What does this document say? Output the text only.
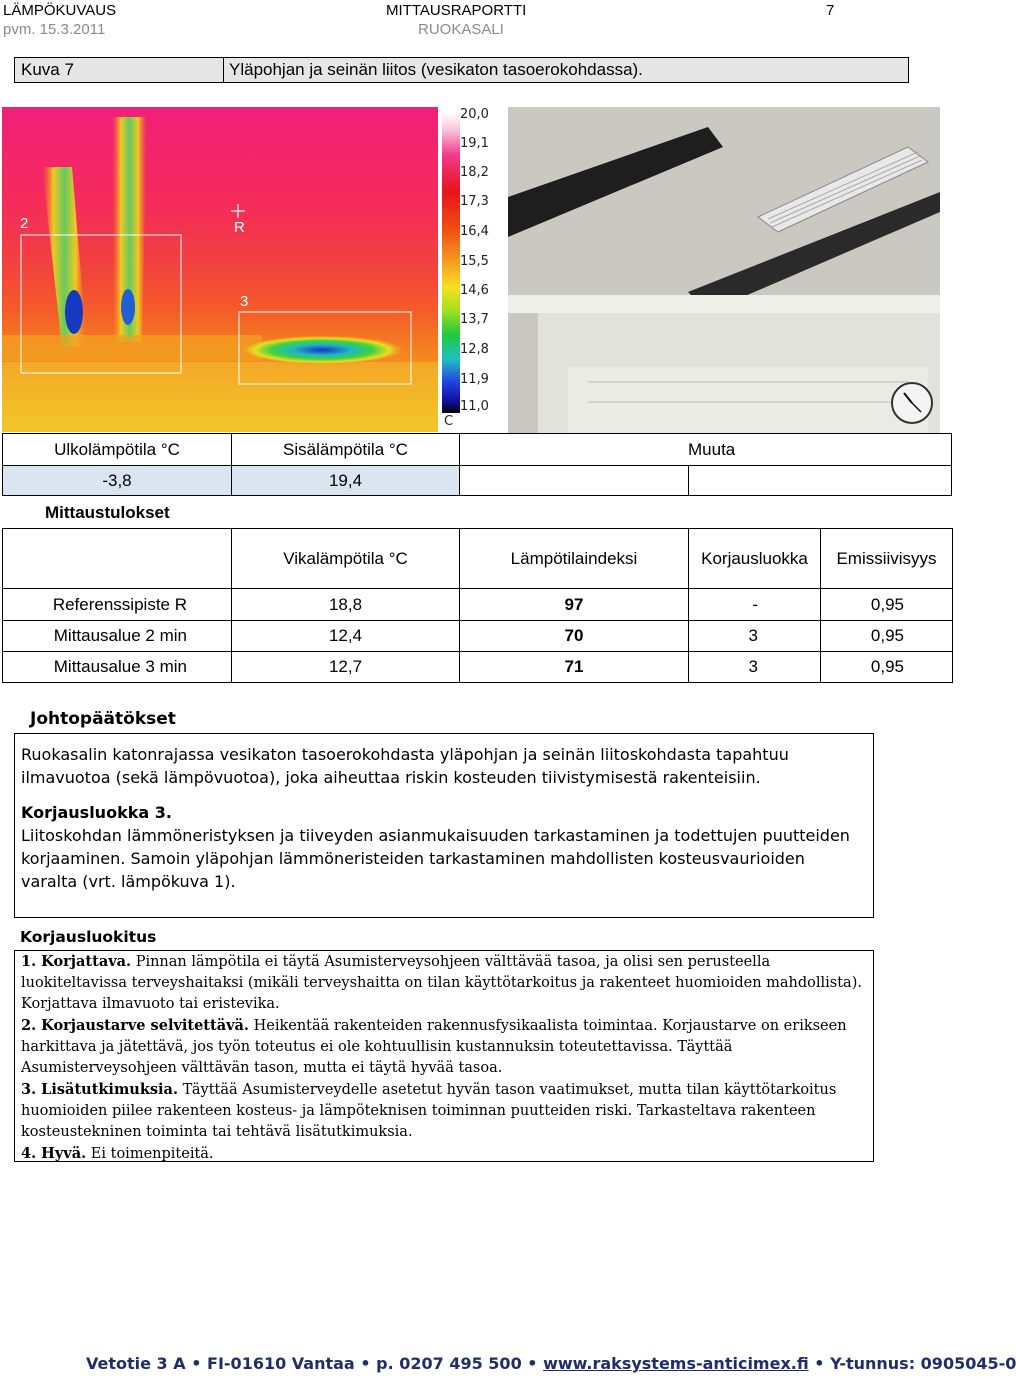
LÄMPÖKUVAUS
pvm. 15.3.2011
MITTAUSRAPORTTI
RUOKASALI
7
Kuva 7	Yläpohjan ja seinän liitos (vesikaton tasoerokohdassa).
2	R
3
20,0
19,1
18,2
17,3
16,4
15,5
14,6
13,7
12,8
11,9
11,0
C
Ulkolämpötila °C	Sisälämpötila °C		Muuta
-3,8	19,4		
Mittaustulokset
	Vikalämpötila °C	Lämpötilaindeksi	Korjausluokka	Emissiivisyys
Referenssipiste R	18,8	97	-	0,95
Mittausalue 2 min	12,4	70	3	0,95
Mittausalue 3 min	12,7	71	3	0,95
Johtopäätökset
Ruokasalin katonrajassa vesikaton tasoerokohdasta yläpohjan ja seinän liitoskohdasta tapahtuu ilmavuotoa (sekä lämpövuotoa), joka aiheuttaa riskin kosteuden tiivistymisestä rakenteisiin.
Korjausluokka 3.
Liitoskohdan lämmöneristyksen ja tiiveyden asianmukaisuuden tarkastaminen ja todettujen puutteiden korjaaminen. Samoin yläpohjan lämmöneristeiden tarkastaminen mahdollisten kosteusvaurioiden varalta (vrt. lämpökuva 1).
Korjausluokitus
1. Korjattava. Pinnan lämpötila ei täytä Asumisterveysohjeen välttävää tasoa, ja olisi sen perusteella luokiteltavissa terveyshaitaksi (mikäli terveyshaitta on tilan käyttötarkoitus ja rakenteet huomioiden mahdollista). Korjattava ilmavuoto tai eristevika.
2. Korjaustarve selvitettävä. Heikentää rakenteiden rakennusfysikaalista toimintaa. Korjaustarve on erikseen harkittava ja jätettävä, jos työn toteutus ei ole kohtuullisin kustannuksin toteutettavissa. Täyttää Asumisterveysohjeen välttävän tason, mutta ei täytä hyvää tasoa.
3. Lisätutkimuksia. Täyttää Asumisterveydelle asetetut hyvän tason vaatimukset, mutta tilan käyttötarkoitus huomioiden piilee rakenteen kosteus- ja lämpöteknisen toiminnan puutteiden riski. Tarkasteltava rakenteen kosteustekninen toiminta tai tehtävä lisätutkimuksia.
4. Hyvä. Ei toimenpiteitä.
Vetotie 3 A • FI-01610 Vantaa • p. 0207 495 500 • www.raksystems-anticimex.fi • Y-tunnus: 0905045-0
